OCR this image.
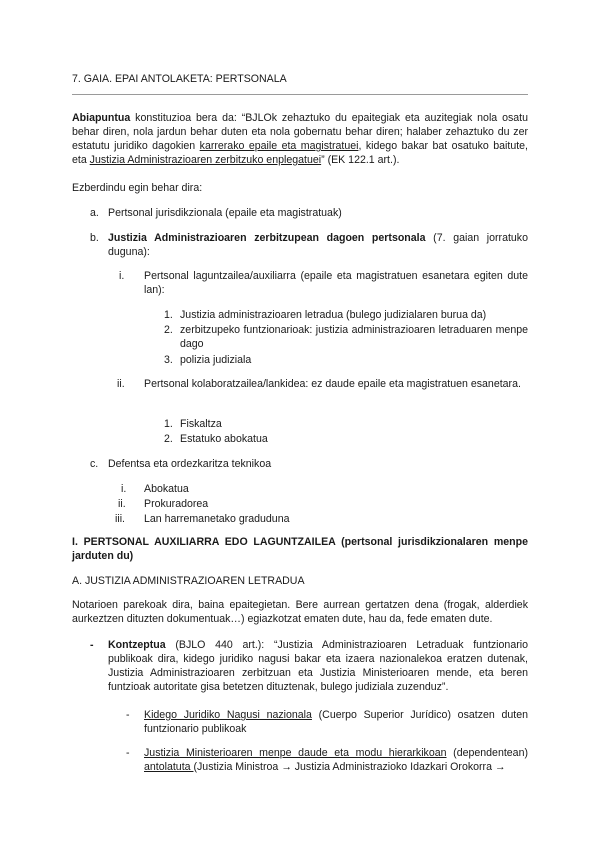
7. GAIA. EPAI ANTOLAKETA: PERTSONALA
Abiapuntua konstituzioa bera da: “BJLOk zehaztuko du epaitegiak eta auzitegiak nola osatu behar diren, nola jardun behar duten eta nola gobernatu behar diren; halaber zehaztuko du zer estatutu juridiko dagokien karrerako epaile eta magistratuei, kidego bakar bat osatuko baitute, eta Justizia Administrazioaren zerbitzuko enplegatuei” (EK 122.1 art.).
Ezberdindu egin behar dira:
a. Pertsonal jurisdikzionala (epaile eta magistratuak)
b. Justizia Administrazioaren zerbitzupean dagoen pertsonala (7. gaian jorratuko duguna):
i. Pertsonal laguntzailea/auxiliarra (epaile eta magistratuen esanetara egiten dute lan):
1. Justizia administrazioaren letradua (bulego judizialaren burua da)
2. zerbitzupeko funtzionarioak: justizia administrazioaren letraduaren menpe dago
3. polizia judiziala
ii. Pertsonal kolaboratzailea/lankidea: ez daude epaile eta magistratuen esanetara.
1. Fiskaltza
2. Estatuko abokatua
c. Defentsa eta ordezkaritza teknikoa
i. Abokatua
ii. Prokuradorea
iii. Lan harremanetako graduduna
I. PERTSONAL AUXILIARRA EDO LAGUNTZAILEA (pertsonal jurisdikzionalaren menpe jarduten du)
A. JUSTIZIA ADMINISTRAZIOAREN LETRADUA
Notarioen parekoak dira, baina epaitegietan. Bere aurrean gertatzen dena (frogak, alderdiek aurkeztzen dituzten dokumentuak…) egiazkotzat ematen dute, hau da, fede ematen dute.
- Kontzeptua (BJLO 440 art.): “Justizia Administrazioaren Letraduak funtzionario publikoak dira, kidego juridiko nagusi bakar eta izaera nazionalekoa eratzen dutenak, Justizia Administrazioaren zerbitzuan eta Justizia Ministerioaren mende, eta beren funtzioak autoritate gisa betetzen dituztenak, bulego judiziala zuzenduz”.
- Kidego Juridiko Nagusi nazionala (Cuerpo Superior Jurídico) osatzen duten funtzionario publikoak
- Justizia Ministerioaren menpe daude eta modu hierarkikoan (dependentean) antolatuta (Justizia Ministroa → Justizia Administrazioko Idazkari Orokorra →
